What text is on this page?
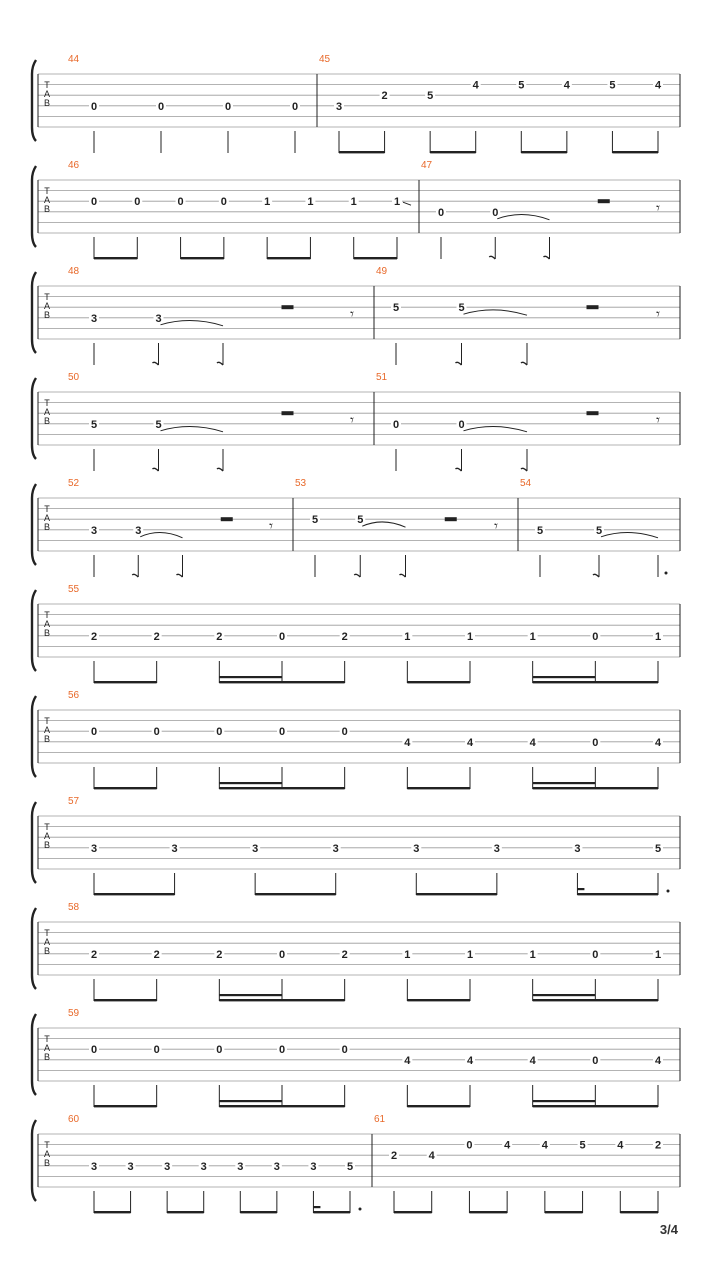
T
A
B
44
0	0	0	0
45
3
2	5
4	5	4	5	4
T
A
B
46
0	0	0	0	1	1	1	1
47
0	0	𝄾
T
A
B
48
3	3	𝄾
49
5	5	𝄾
T
A
B
50
5	5	𝄾
51
0	0	𝄾
T
A
B
52
3	3	𝄾
53
5	5	𝄾
54
5	5
T
A
B
55
2	2	2	0	2	1	1	1	0	1
T
A
B
56
0	0	0	0	0
4	4	4	0	4
T
A
B
57
3	3	3	3	3	3	3	5
T
A
B
58
2	2	2	0	2	1	1	1	0	1
T
A
B
59
0	0	0	0	0
4	4	4	0	4
T
A
B
60
3	3	3	3	3	3	3	5
61
2	4
0	4	4	5	4	2
3/4
